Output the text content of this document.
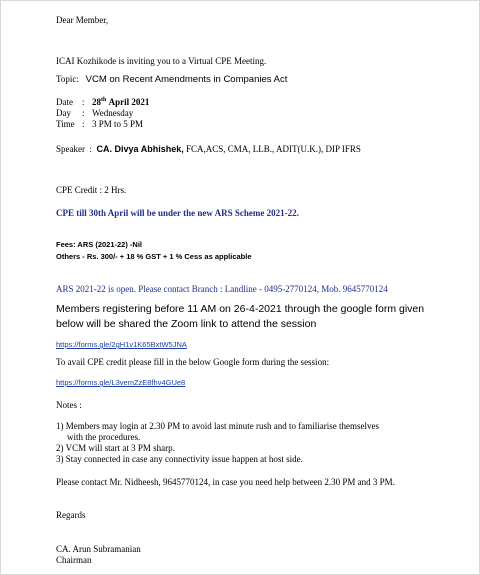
Dear Member,
ICAI Kozhikode is inviting you to a Virtual CPE Meeting.
Topic: VCM on Recent Amendments in Companies Act
Date : 28th April 2021
Day : Wednesday
Time : 3 PM to 5 PM
Speaker  :  CA. Divya Abhishek, FCA,ACS, CMA, LLB., ADIT(U.K.), DIP IFRS
CPE Credit : 2 Hrs.
CPE till 30th April will be under the new ARS Scheme 2021-22.
Fees: ARS (2021-22) -Nil
Others - Rs. 300/- + 18 % GST + 1 % Cess as applicable
ARS 2021-22 is open. Please contact Branch : Landline - 0495-2770124, Mob. 9645770124
Members registering before 11 AM on 26-4-2021 through the google form given
below will be shared the Zoom link to attend the session
https://forms.gle/2gH1v1K65BxtW5JNA
To avail CPE credit please fill in the below Google form during the session:
https://forms.gle/L3vemZzE8fhv4GUe8
Notes :
1) Members may login at 2.30 PM to avoid last minute rush and to familiarise themselves
with the procedures.
2) VCM will start at 3 PM sharp.
3) Stay connected in case any connectivity issue happen at host side.
Please contact Mr. Nidheesh, 9645770124, in case you need help between 2.30 PM and 3 PM.
Regards
CA. Arun Subramanian
Chairman
